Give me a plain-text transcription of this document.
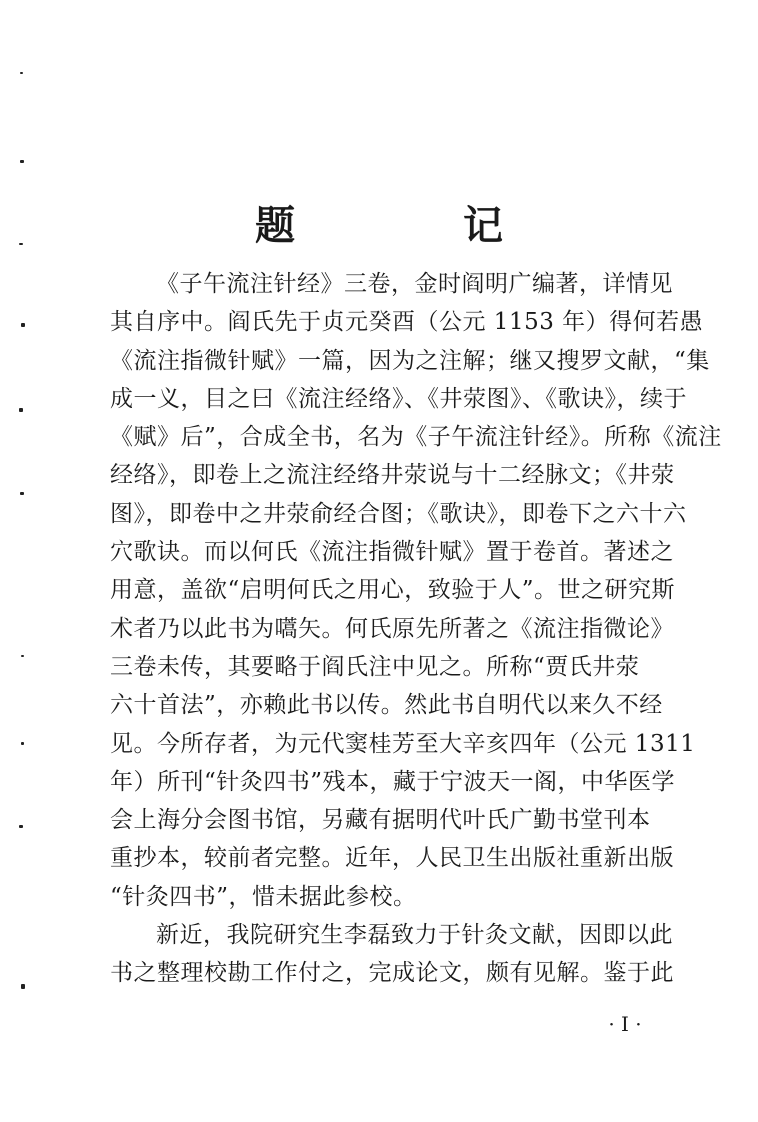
题　记

《子午流注针经》三卷，金时阎明广编著，详情见
其自序中。阎氏先于贞元癸酉（公元 1153 年）得何若愚
《流注指微针赋》一篇，因为之注解；继又搜罗文献，“集
成一义，目之曰《流注经络》、《井荥图》、《歌诀》，续于
《赋》后”，合成全书，名为《子午流注针经》。所称《流注
经络》，即卷上之流注经络井荥说与十二经脉文；《井荥
图》，即卷中之井荥俞经合图；《歌诀》，即卷下之六十六
穴歌诀。而以何氏《流注指微针赋》置于卷首。著述之
用意，盖欲“启明何氏之用心，致验于人”。世之研究斯
术者乃以此书为嚆矢。何氏原先所著之《流注指微论》
三卷未传，其要略于阎氏注中见之。所称“贾氏井荥
六十首法”，亦赖此书以传。然此书自明代以来久不经
见。今所存者，为元代窦桂芳至大辛亥四年（公元 1311
年）所刊“针灸四书”残本，藏于宁波天一阁，中华医学
会上海分会图书馆，另藏有据明代叶氏广勤书堂刊本
重抄本，较前者完整。近年，人民卫生出版社重新出版
“针灸四书”，惜未据此参校。

新近，我院研究生李磊致力于针灸文献，因即以此
书之整理校勘工作付之，完成论文，颇有见解。鉴于此

· I ·
